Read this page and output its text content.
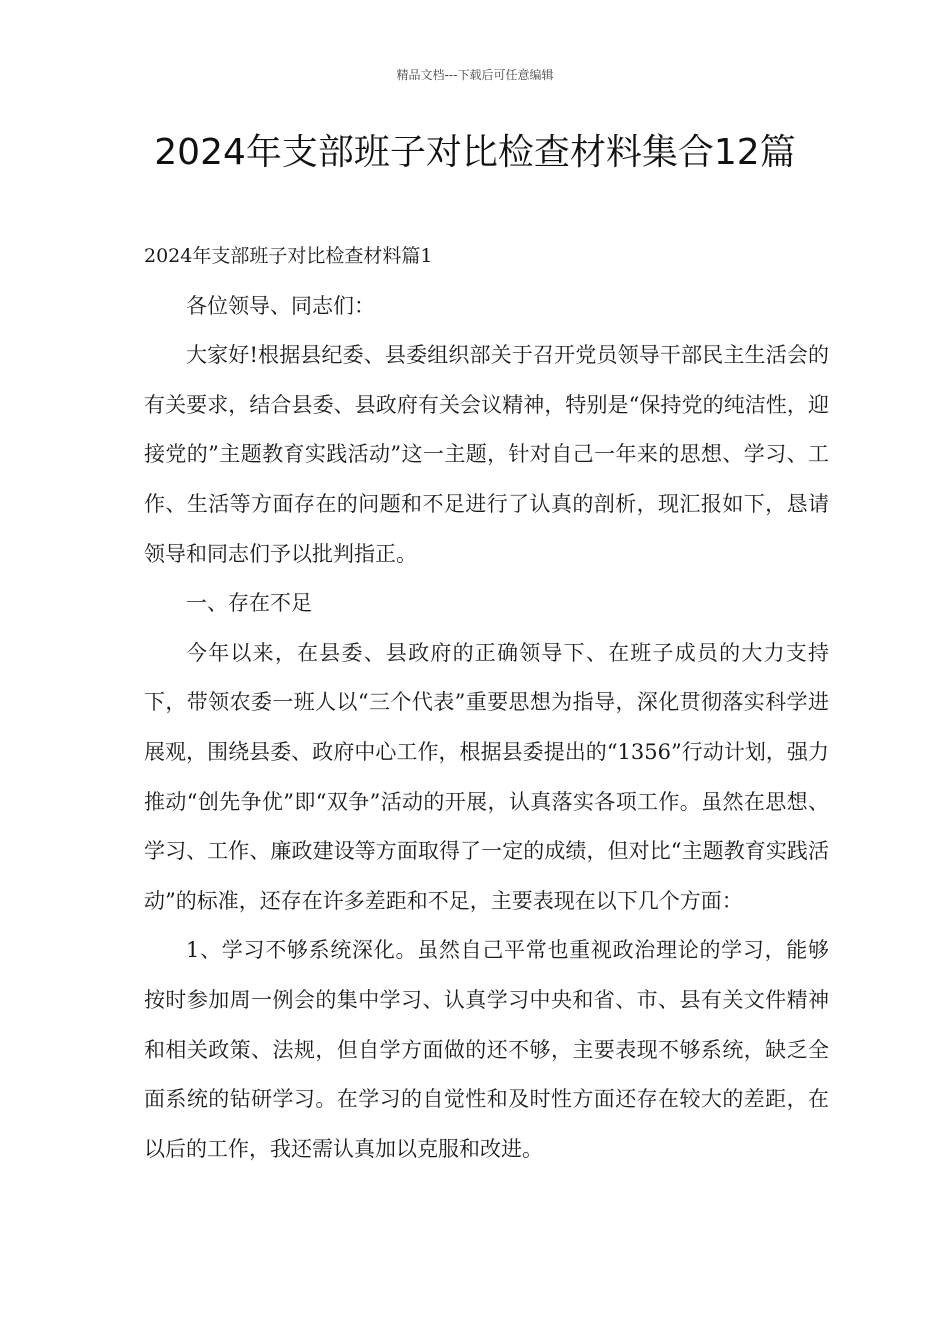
精品文档---下载后可任意编辑
2024年支部班子对比检查材料集合12篇
2024年支部班子对比检查材料篇1

各位领导、同志们：

大家好!根据县纪委、县委组织部关于召开党员领导干部民主生活会的有关要求，结合县委、县政府有关会议精神，特别是“保持党的纯洁性，迎接党的”主题教育实践活动”这一主题，针对自己一年来的思想、学习、工作、生活等方面存在的问题和不足进行了认真的剖析，现汇报如下，恳请领导和同志们予以批判指正。

一、存在不足

今年以来，在县委、县政府的正确领导下、在班子成员的大力支持下，带领农委一班人以“三个代表”重要思想为指导，深化贯彻落实科学进展观，围绕县委、政府中心工作，根据县委提出的“1356”行动计划，强力推动“创先争优”即“双争”活动的开展，认真落实各项工作。虽然在思想、学习、工作、廉政建设等方面取得了一定的成绩，但对比“主题教育实践活动”的标准，还存在许多差距和不足，主要表现在以下几个方面：

1、学习不够系统深化。虽然自己平常也重视政治理论的学习，能够按时参加周一例会的集中学习、认真学习中央和省、市、县有关文件精神和相关政策、法规，但自学方面做的还不够，主要表现不够系统，缺乏全面系统的钻研学习。在学习的自觉性和及时性方面还存在较大的差距，在以后的工作，我还需认真加以克服和改进。
